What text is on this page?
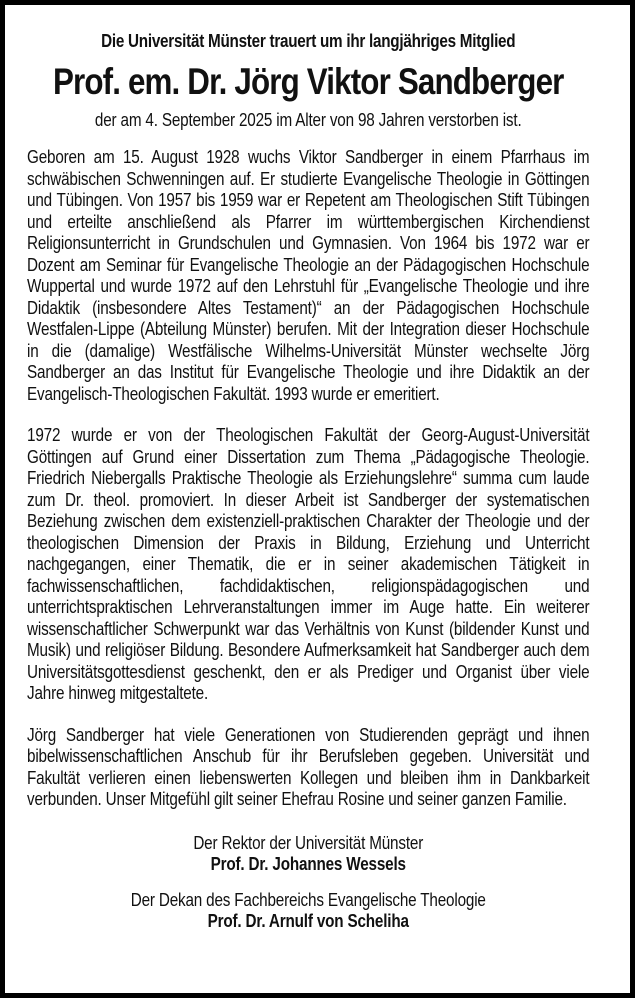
Die Universität Münster trauert um ihr langjähriges Mitglied
Prof. em. Dr. Jörg Viktor Sandberger
der am 4. September 2025 im Alter von 98 Jahren verstorben ist.

Geboren am 15. August 1928 wuchs Viktor Sandberger in einem Pfarrhaus im schwäbischen Schwenningen auf. Er studierte Evangelische Theologie in Göttingen und Tübingen. Von 1957 bis 1959 war er Repetent am Theologischen Stift Tübingen und erteilte anschließend als Pfarrer im württembergischen Kirchendienst Religionsunterricht in Grundschulen und Gymnasien. Von 1964 bis 1972 war er Dozent am Seminar für Evangelische Theologie an der Pädagogischen Hochschule Wuppertal und wurde 1972 auf den Lehrstuhl für „Evangelische Theologie und ihre Didaktik (insbesondere Altes Testament)“ an der Pädagogischen Hochschule Westfalen-Lippe (Abteilung Münster) berufen. Mit der Integration dieser Hochschule in die (damalige) Westfälische Wilhelms-Universität Münster wechselte Jörg Sandberger an das Institut für Evangelische Theologie und ihre Didaktik an der Evangelisch-Theologischen Fakultät. 1993 wurde er emeritiert.

1972 wurde er von der Theologischen Fakultät der Georg-August-Universität Göttingen auf Grund einer Dissertation zum Thema „Pädagogische Theologie. Friedrich Niebergalls Praktische Theologie als Erziehungslehre“ summa cum laude zum Dr. theol. promoviert. In dieser Arbeit ist Sandberger der systematischen Beziehung zwischen dem existenziell-praktischen Charakter der Theologie und der theologischen Dimension der Praxis in Bildung, Erziehung und Unterricht nachgegangen, einer Thematik, die er in seiner akademischen Tätigkeit in fachwissenschaftlichen, fachdidaktischen, religionspädagogischen und unterrichtspraktischen Lehrveranstaltungen immer im Auge hatte. Ein weiterer wissenschaftlicher Schwerpunkt war das Verhältnis von Kunst (bildender Kunst und Musik) und religiöser Bildung. Besondere Aufmerksamkeit hat Sandberger auch dem Universitätsgottesdienst geschenkt, den er als Prediger und Organist über viele Jahre hinweg mitgestaltete.

Jörg Sandberger hat viele Generationen von Studierenden geprägt und ihnen bibelwissenschaftlichen Anschub für ihr Berufsleben gegeben. Universität und Fakultät verlieren einen liebenswerten Kollegen und bleiben ihm in Dankbarkeit verbunden. Unser Mitgefühl gilt seiner Ehefrau Rosine und seiner ganzen Familie.

Der Rektor der Universität Münster
Prof. Dr. Johannes Wessels
Der Dekan des Fachbereichs Evangelische Theologie
Prof. Dr. Arnulf von Scheliha
